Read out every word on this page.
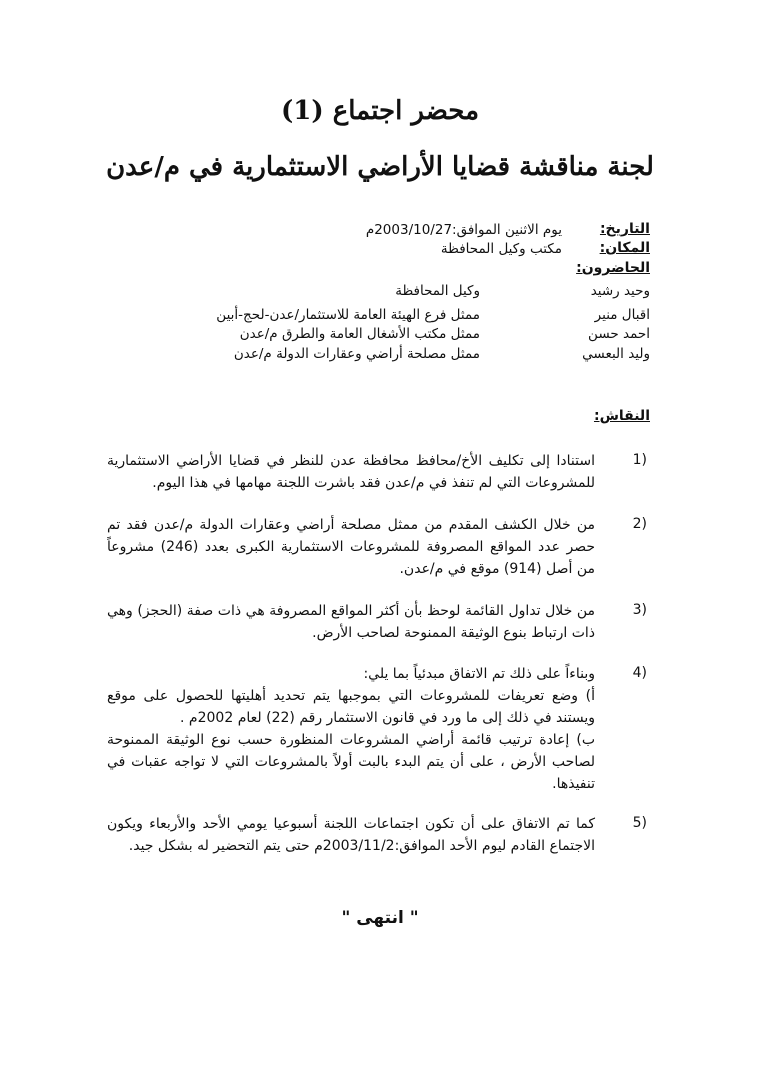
محضر اجتماع (1)
لجنة مناقشة قضايا الأراضي الاستثمارية في م/عدن
التاريخ:
يوم الاثنين الموافق:2003/10/27م
المكان:
مكتب وكيل المحافظة
الحاضرون:
وحيد رشيد
وكيل المحافظة
اقبال منير
ممثل فرع الهيئة العامة للاستثمار/عدن-لحج-أبين
احمد حسن
ممثل مكتب الأشغال العامة والطرق م/عدن
وليد البعسي
ممثل مصلحة أراضي وعقارات الدولة م/عدن
النقاش:
1)

استنادا إلى تكليف الأخ/محافظ محافظة عدن للنظر في قضايا الأراضي الاستثمارية للمشروعات التي لم تنفذ في م/عدن فقد باشرت اللجنة مهامها في هذا اليوم.

2)

من خلال الكشف المقدم من ممثل مصلحة أراضي وعقارات الدولة م/عدن فقد تم حصر عدد المواقع المصروفة للمشروعات الاستثمارية الكبرى بعدد (246) مشروعاً من أصل (914) موقع في م/عدن.

3)

من خلال تداول القائمة لوحظ بأن أكثر المواقع المصروفة هي ذات صفة (الحجز) وهي ذات ارتباط بنوع الوثيقة الممنوحة لصاحب الأرض.

4)
وبناءاً على ذلك تم الاتفاق مبدئياً بما يلي:
أ) وضع تعريفات للمشروعات التي بموجبها يتم تحديد أهليتها للحصول على موقع ويستند في ذلك إلى ما ورد في قانون الاستثمار رقم (22) لعام 2002م .
ب) إعادة ترتيب قائمة أراضي المشروعات المنظورة حسب نوع الوثيقة الممنوحة لصاحب الأرض ، على أن يتم البدء بالبت أولاً بالمشروعات التي لا تواجه عقبات في تنفيذها.
5)

كما تم الاتفاق على أن تكون اجتماعات اللجنة أسبوعيا يومي الأحد والأربعاء ويكون الاجتماع القادم ليوم الأحد الموافق:2003/11/2م حتى يتم التحضير له بشكل جيد.

" انتهى "
